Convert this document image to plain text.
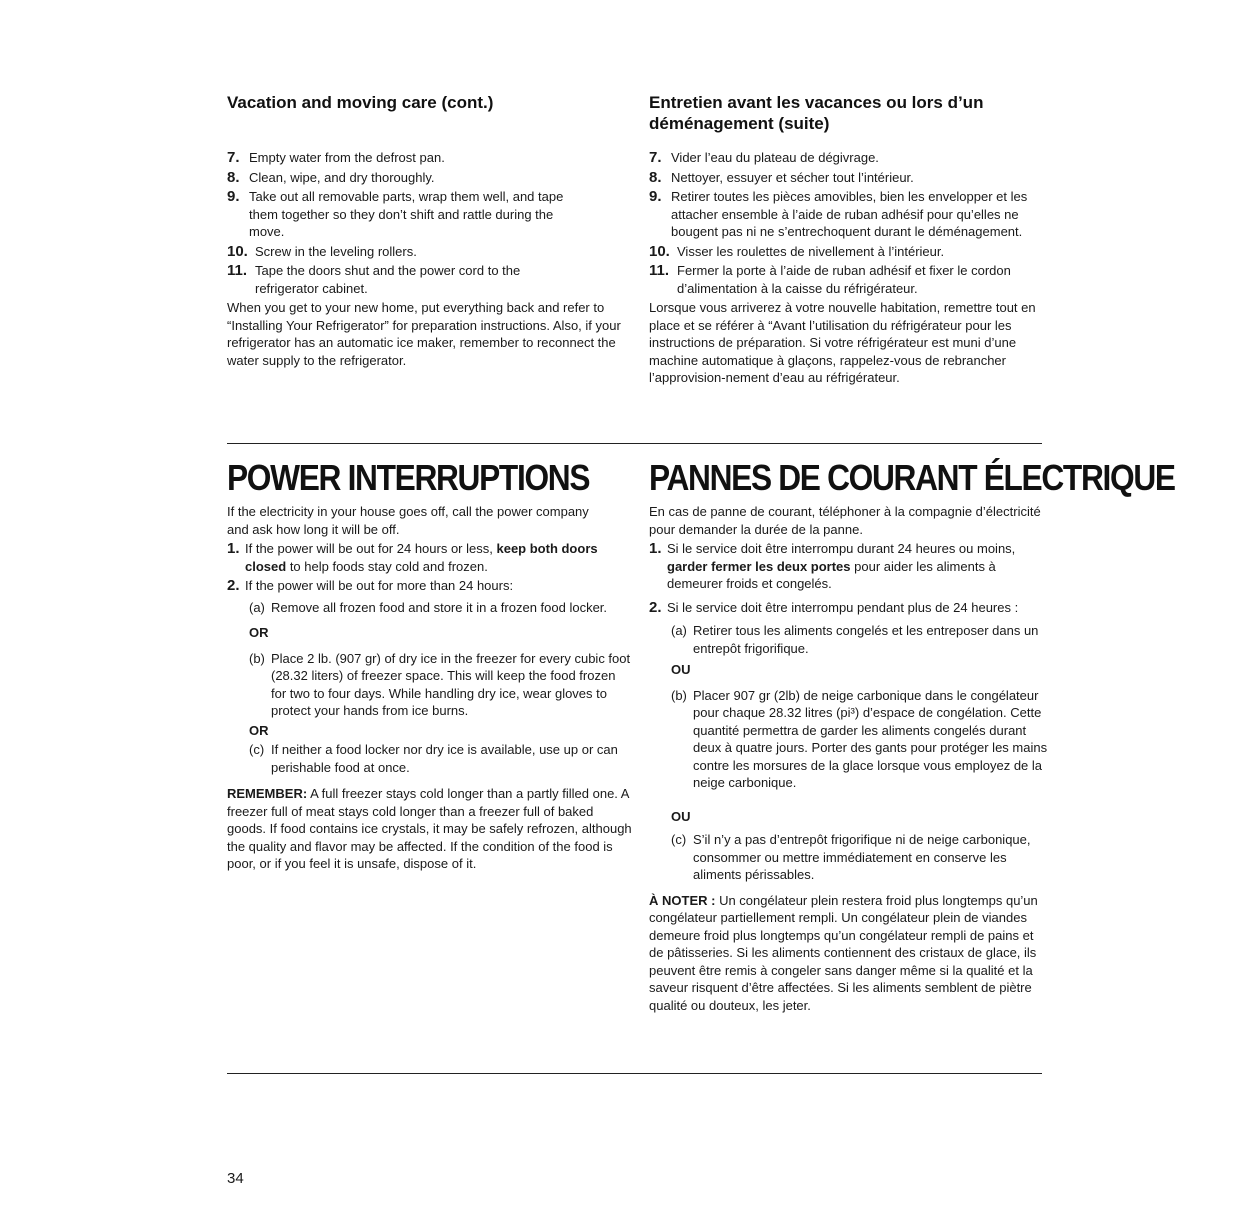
Vacation and moving care (cont.)

7. Empty water from the defrost pan.

8. Clean, wipe, and dry thoroughly.

9. Take out all removable parts, wrap them well, and tape them together so they don’t shift and rattle during the move.

10. Screw in the leveling rollers.

11. Tape the doors shut and the power cord to the refrigerator cabinet.

When you get to your new home, put everything back and refer to “Installing Your Refrigerator” for preparation instructions. Also, if your refrigerator has an automatic ice maker, remember to reconnect the water supply to the refrigerator.

Entretien avant les vacances ou lors d’un déménagement (suite)

7. Vider l’eau du plateau de dégivrage.

8. Nettoyer, essuyer et sécher tout l’intérieur.

9. Retirer toutes les pièces amovibles, bien les envelopper et les attacher ensemble à l’aide de ruban adhésif pour qu’elles ne bougent pas ni ne s’entrechoquent durant le déménagement.

10. Visser les roulettes de nivellement à l’intérieur.

11. Fermer la porte à l’aide de ruban adhésif et fixer le cordon d’alimentation à la caisse du réfrigérateur.

Lorsque vous arriverez à votre nouvelle habitation, remettre tout en place et se référer à “Avant l’utilisation du réfrigérateur pour les instructions de préparation. Si votre réfrigérateur est muni d’une machine automatique à glaçons, rappelez-vous de rebrancher l’approvision-nement d’eau au réfrigérateur.

POWER INTERRUPTIONS

If the electricity in your house goes off, call the power company and ask how long it will be off.

1. If the power will be out for 24 hours or less, keep both doors closed to help foods stay cold and frozen.

2. If the power will be out for more than 24 hours:

(a) Remove all frozen food and store it in a frozen food locker.

OR

(b) Place 2 lb. (907 gr) of dry ice in the freezer for every cubic foot (28.32 liters) of freezer space. This will keep the food frozen for two to four days. While handling dry ice, wear gloves to protect your hands from ice burns.

OR

(c) If neither a food locker nor dry ice is available, use up or can perishable food at once.

REMEMBER: A full freezer stays cold longer than a partly filled one. A freezer full of meat stays cold longer than a freezer full of baked goods. If food contains ice crystals, it may be safely refrozen, although the quality and flavor may be affected. If the condition of the food is poor, or if you feel it is unsafe, dispose of it.

PANNES DE COURANT ÉLECTRIQUE

En cas de panne de courant, téléphoner à la compagnie d’électricité pour demander la durée de la panne.

1. Si le service doit être interrompu durant 24 heures ou moins, garder fermer les deux portes pour aider les aliments à demeurer froids et congelés.

2. Si le service doit être interrompu pendant plus de 24 heures :

(a) Retirer tous les aliments congelés et les entreposer dans un entrepôt frigorifique.

OU

(b) Placer 907 gr (2lb) de neige carbonique dans le congélateur pour chaque 28.32 litres (pi³) d’espace de congélation. Cette quantité permettra de garder les aliments congelés durant deux à quatre jours. Porter des gants pour protéger les mains contre les morsures de la glace lorsque vous employez de la neige carbonique.

OU

(c) S’il n’y a pas d’entrepôt frigorifique ni de neige carbonique, consommer ou mettre immédiatement en conserve les aliments périssables.

À NOTER : Un congélateur plein restera froid plus longtemps qu’un congélateur partiellement rempli. Un congélateur plein de viandes demeure froid plus longtemps qu’un congélateur rempli de pains et de pâtisseries. Si les aliments contiennent des cristaux de glace, ils peuvent être remis à congeler sans danger même si la qualité et la saveur risquent d’être affectées. Si les aliments semblent de piètre qualité ou douteux, les jeter.

34
